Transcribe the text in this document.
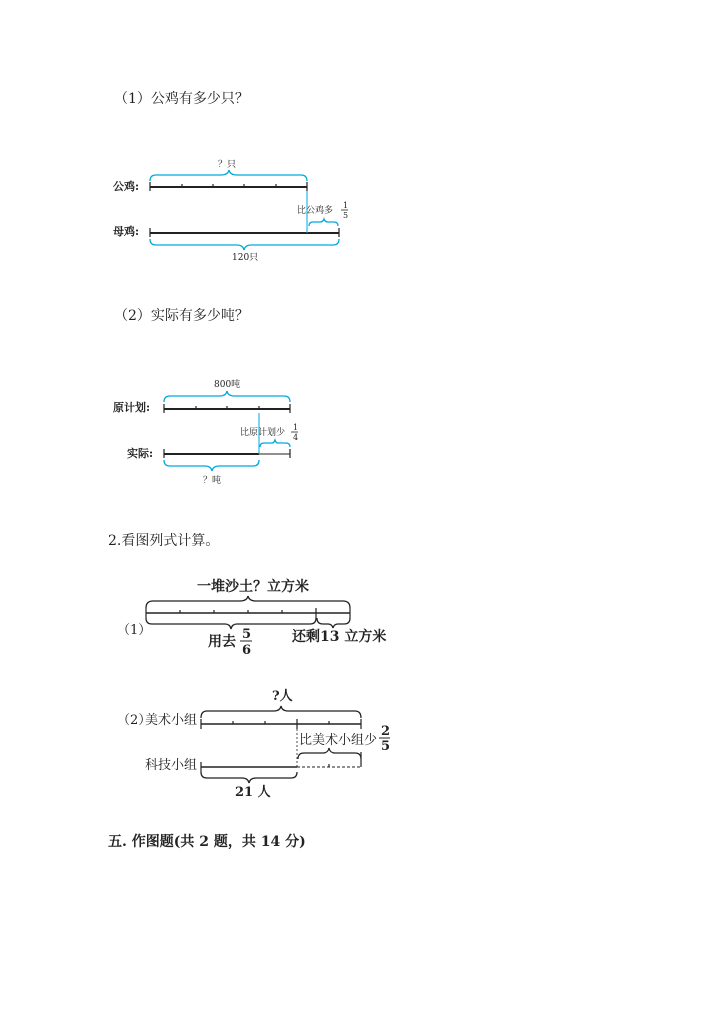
（1）公鸡有多少只？
公鸡:
母鸡:
？只
比公鸡多
1
5
120只
（2）实际有多少吨？
原计划:
实际:
800吨
比原计划少
1
4
？吨
2.看图列式计算。
（1）
一堆沙土？立方米
用去 5
6
还剩13 立方米
（2）
美术小组
科技小组
?人
比美术小组少
2
5
21 人
五. 作图题(共 2 题，共 14 分)
